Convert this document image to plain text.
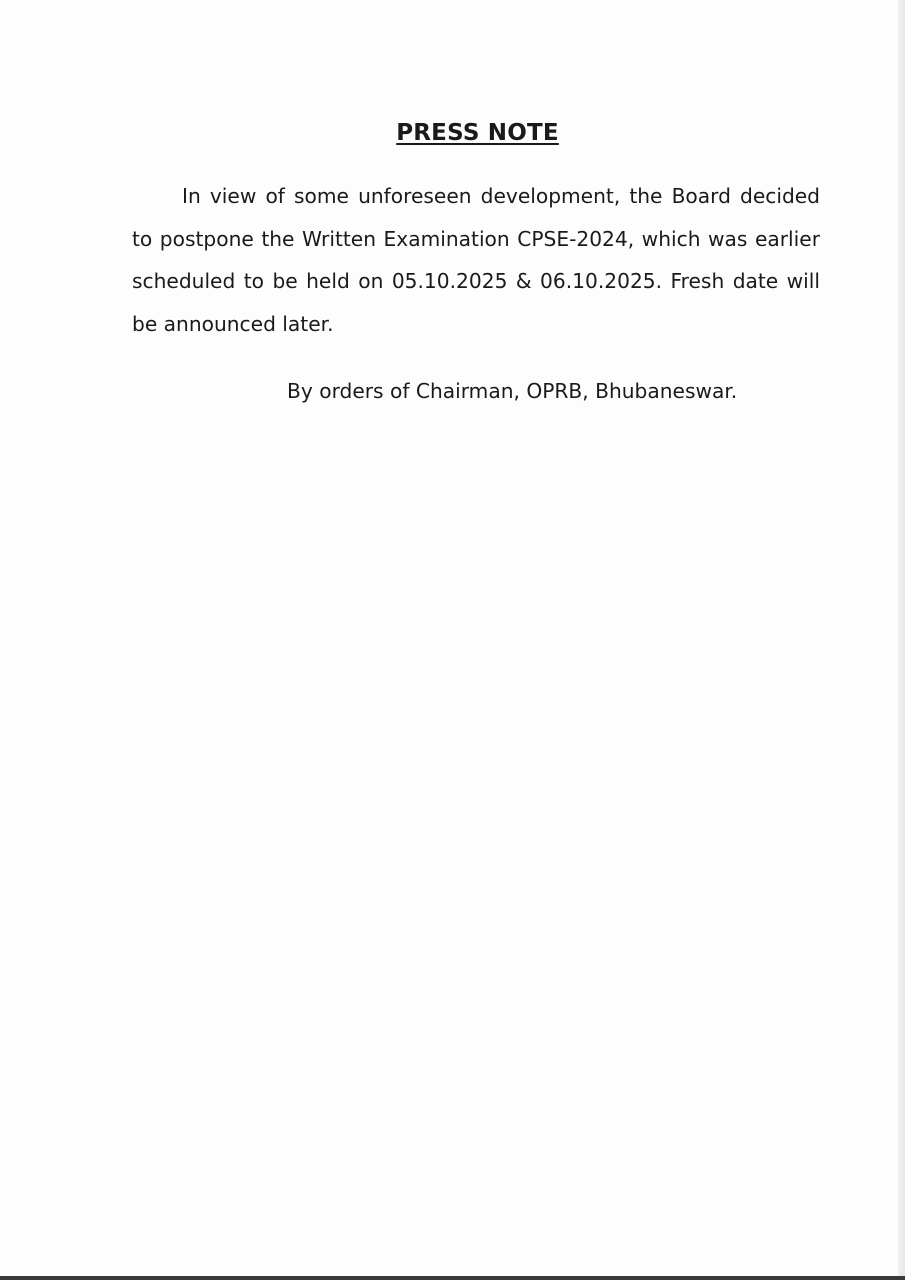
PRESS NOTE

In view of some unforeseen development, the Board decided to postpone the Written Examination CPSE-2024, which was earlier scheduled to be held on 05.10.2025 & 06.10.2025. Fresh date will be announced later.

By orders of Chairman, OPRB, Bhubaneswar.
